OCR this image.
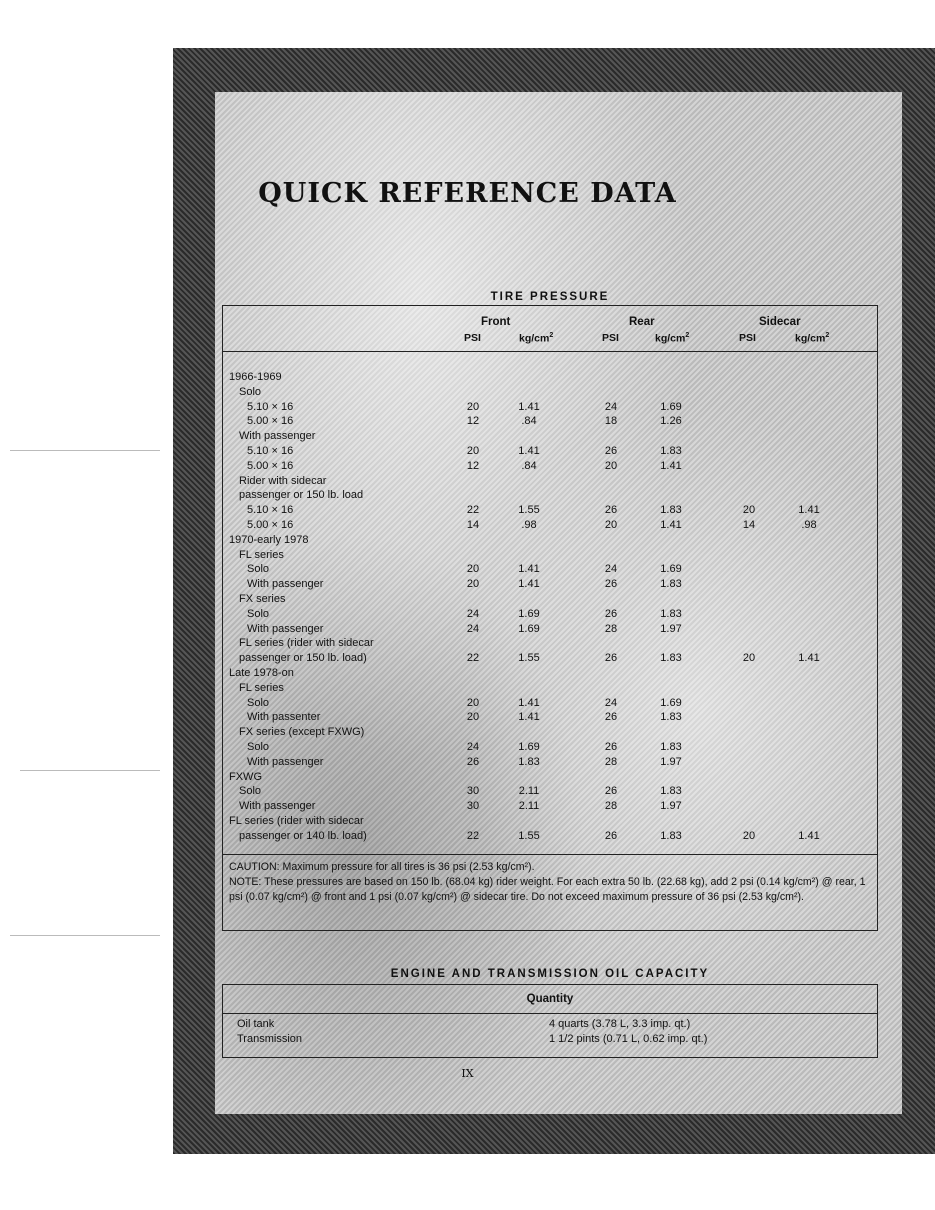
QUICK REFERENCE DATA
TIRE PRESSURE
Front	Rear	Sidecar
PSI	$kg/cm^2$	PSI	$kg/cm^2$	PSI	$kg/cm^2$
1966-1969
Solo
5.10 × 16	20	1.41	24	1.69
5.00 × 16	12	.84	18	1.26
With passenger
5.10 × 16	20	1.41	26	1.83
5.00 × 16	12	.84	20	1.41
Rider with sidecar
passenger or 150 lb. load
5.10 × 16	22	1.55	26	1.83	20	1.41
5.00 × 16	14	.98	20	1.41	14	.98
1970-early 1978
FL series
Solo	20	1.41	24	1.69
With passenger	20	1.41	26	1.83
FX series
Solo	24	1.69	26	1.83
With passenger	24	1.69	28	1.97
FL series (rider with sidecar
passenger or 150 lb. load)	22	1.55	26	1.83	20	1.41
Late 1978-on
FL series
Solo	20	1.41	24	1.69
With passenter	20	1.41	26	1.83
FX series (except FXWG)
Solo	24	1.69	26	1.83
With passenger	26	1.83	28	1.97
FXWG
Solo	30	2.11	26	1.83
With passenger	30	2.11	28	1.97
FL series (rider with sidecar
passenger or 140 lb. load)	22	1.55	26	1.83	20	1.41

CAUTION: Maximum pressure for all tires is 36 psi (2.53 kg/cm²).

NOTE: These pressures are based on 150 lb. (68.04 kg) rider weight. For each extra 50 lb. (22.68 kg), add 2 psi (0.14 kg/cm²) @ rear, 1 psi (0.07 kg/cm²) @ front and 1 psi (0.07 kg/cm²) @ sidecar tire. Do not exceed maximum pressure of 36 psi (2.53 kg/cm²).

ENGINE AND TRANSMISSION OIL CAPACITY
Quantity
Oil tank	4 quarts (3.78 L, 3.3 imp. qt.)
Transmission	1 1/2 pints (0.71 L, 0.62 imp. qt.)
IX
